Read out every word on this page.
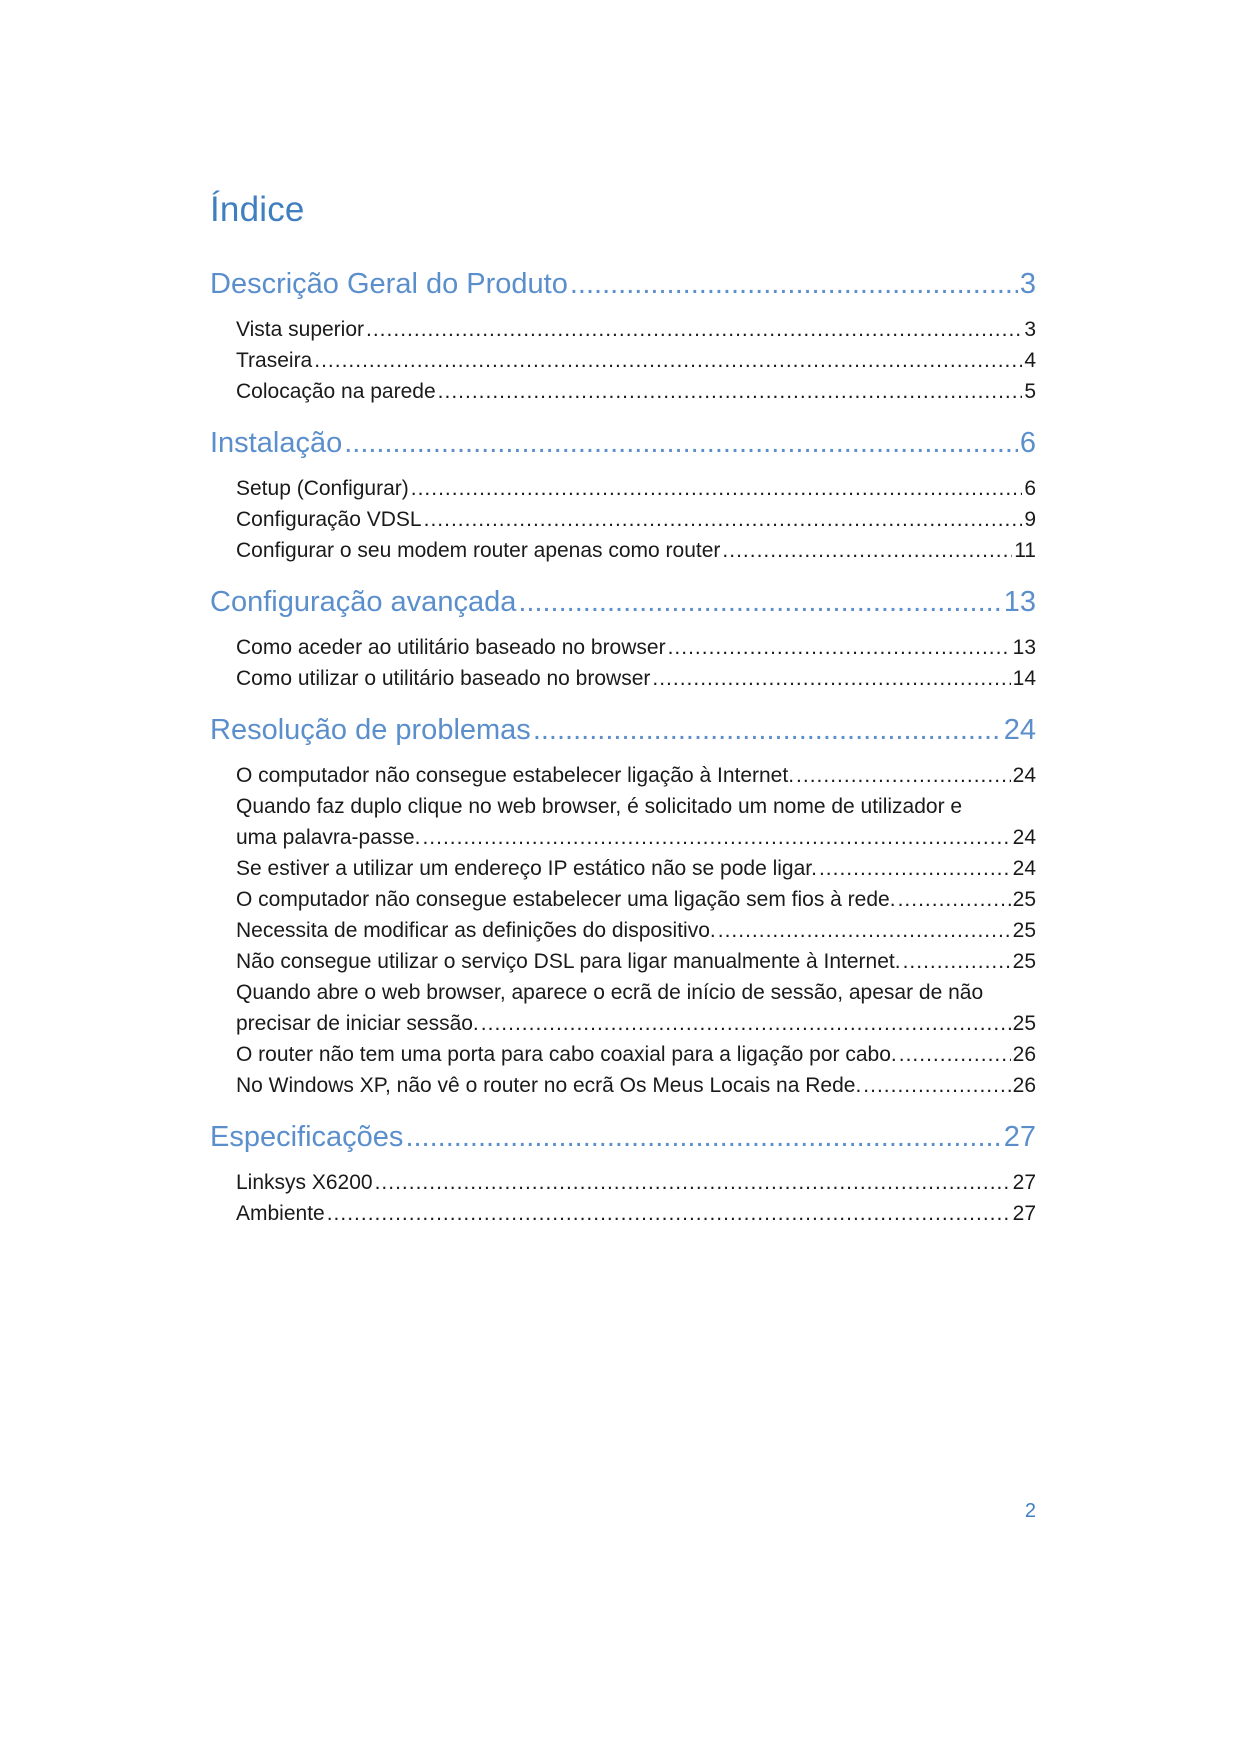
Índice
Descrição Geral do Produto .....	3
Vista superior .....	3
Traseira .....	4
Colocação na parede .....	5
Instalação .....	6
Setup (Configurar) .....	6
Configuração VDSL .....	9
Configurar o seu modem router apenas como router .....	11
Configuração avançada .....	13
Como aceder ao utilitário baseado no browser .....	13
Como utilizar o utilitário baseado no browser .....	14
Resolução de problemas .....	24
O computador não consegue estabelecer ligação à Internet. .....	24
Quando faz duplo clique no web browser, é solicitado um nome de utilizador e
uma palavra-passe. .....	24
Se estiver a utilizar um endereço IP estático não se pode ligar. .....	24
O computador não consegue estabelecer uma ligação sem fios à rede. .....	25
Necessita de modificar as definições do dispositivo. .....	25
Não consegue utilizar o serviço DSL para ligar manualmente à Internet. .....	25
Quando abre o web browser, aparece o ecrã de início de sessão, apesar de não
precisar de iniciar sessão. .....	25
O router não tem uma porta para cabo coaxial para a ligação por cabo. .....	26
No Windows XP, não vê o router no ecrã Os Meus Locais na Rede. .....	26
Especificações .....	27
Linksys X6200 .....	27
Ambiente .....	27
2
